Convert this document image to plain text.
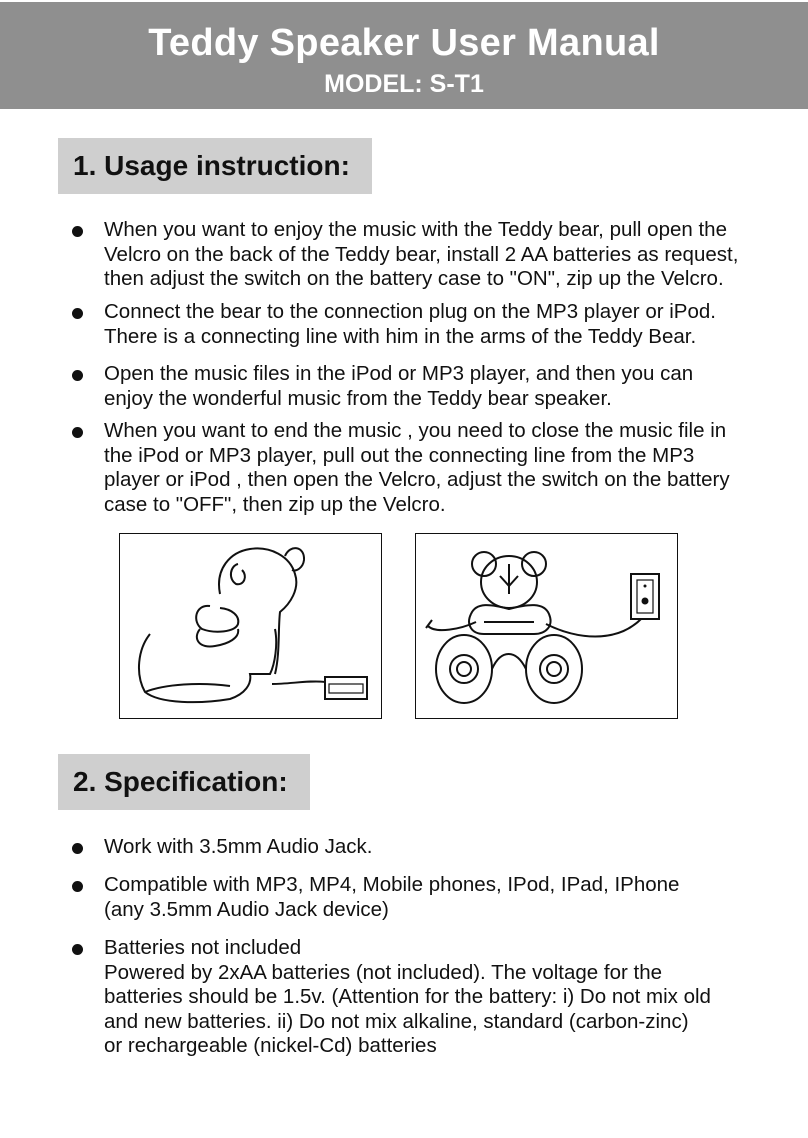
Teddy Speaker User Manual
MODEL: S-T1
1. Usage instruction:
When you want to enjoy the music with the Teddy bear, pull open the
Velcro on the back of the Teddy bear, install 2 AA batteries as request,
then adjust the switch on the battery case to "ON", zip up the Velcro.
Connect the bear to the connection plug on the MP3 player or iPod.
There is a connecting line with him in the arms of the Teddy Bear.
Open the music files in the iPod or MP3 player, and then you can
enjoy the wonderful music from the Teddy bear speaker.
When you want to end the music , you need to close the music file in
the iPod or MP3 player, pull out the connecting line from the MP3
player or iPod , then open the Velcro, adjust the switch on the battery
case to "OFF", then zip up the Velcro.
2. Specification:
Work with 3.5mm Audio Jack.
Compatible with MP3, MP4, Mobile phones, IPod, IPad, IPhone
(any 3.5mm Audio Jack device)
Batteries not included
Powered by 2xAA batteries (not included). The voltage for the
batteries should be 1.5v. (Attention for the battery: i) Do not mix old
and new batteries. ii) Do not mix alkaline, standard (carbon-zinc)
or rechargeable (nickel-Cd) batteries
